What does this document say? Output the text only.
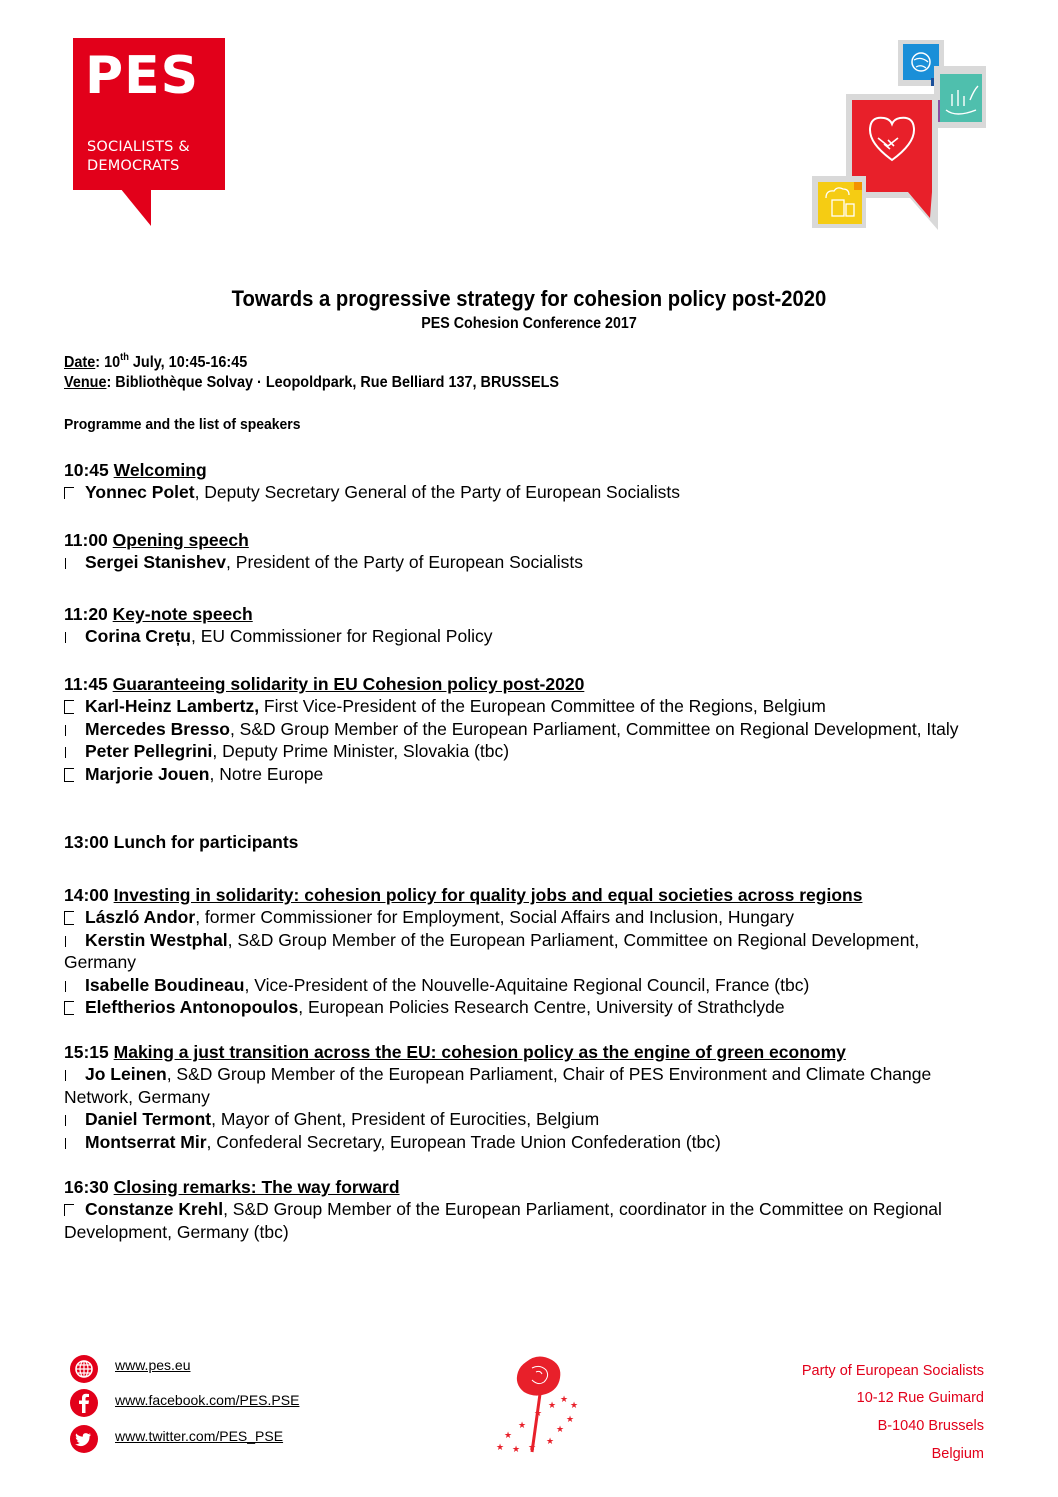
PES
SOCIALISTS &
DEMOCRATS
Towards a progressive strategy for cohesion policy post-2020
PES Cohesion Conference 2017
Date: 10th July, 10:45-16:45
Venue: Bibliothèque Solvay · Leopoldpark, Rue Belliard 137, BRUSSELS
Programme and the list of speakers
10:45 Welcoming
Yonnec Polet, Deputy Secretary General of the Party of European Socialists
11:00 Opening speech
Sergei Stanishev, President of the Party of European Socialists
11:20 Key-note speech
Corina Crețu, EU Commissioner for Regional Policy
11:45 Guaranteeing solidarity in EU Cohesion policy post-2020
Karl-Heinz Lambertz, First Vice-President of the European Committee of the Regions, Belgium
Mercedes Bresso, S&D Group Member of the European Parliament, Committee on Regional Development, Italy
Peter Pellegrini, Deputy Prime Minister, Slovakia (tbc)
Marjorie Jouen, Notre Europe
13:00 Lunch for participants
14:00 Investing in solidarity: cohesion policy for quality jobs and equal societies across regions
László Andor, former Commissioner for Employment, Social Affairs and Inclusion, Hungary
Kerstin Westphal, S&D Group Member of the European Parliament, Committee on Regional Development, Germany
Isabelle Boudineau, Vice-President of the Nouvelle-Aquitaine Regional Council, France (tbc)
Eleftherios Antonopoulos, European Policies Research Centre, University of Strathclyde
15:15 Making a just transition across the EU: cohesion policy as the engine of green economy
Jo Leinen, S&D Group Member of the European Parliament, Chair of PES Environment and Climate Change Network, Germany
Daniel Termont, Mayor of Ghent, President of Eurocities, Belgium
Montserrat Mir, Confederal Secretary, European Trade Union Confederation (tbc)
16:30 Closing remarks: The way forward
Constanze Krehl, S&D Group Member of the European Parliament, coordinator in the Committee on Regional Development, Germany (tbc)
www.pes.eu
www.facebook.com/PES.PSE
www.twitter.com/PES_PSE
★
★
★
★
★
★	★
★
★
★ ★ ★
Party of European Socialists
10-12 Rue Guimard
B-1040 Brussels
Belgium
